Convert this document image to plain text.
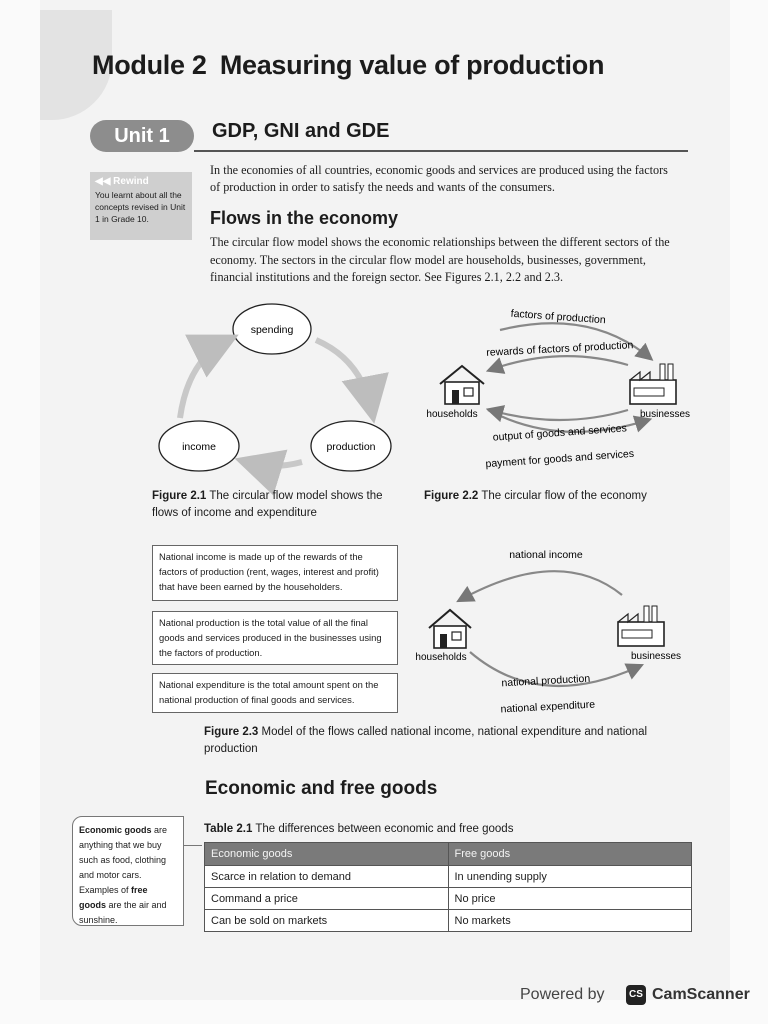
Module 2 Measuring value of production
Unit 1	GDP, GNI and GDE
◀◀ Rewind
You learnt about all the concepts revised in Unit 1 in Grade 10.
In the economies of all countries, economic goods and services are produced using the factors of production in order to satisfy the needs and wants of the consumers.
Flows in the economy
The circular flow model shows the economic relationships between the different sectors of the economy. The sectors in the circular flow model are households, businesses, government, financial institutions and the foreign sector. See Figures 2.1, 2.2 and 2.3.
spending
income	production
factors of production
rewards of factors of production
output of goods and services
payment for goods and services
households	businesses
national income
national production
national expenditure
households	businesses
Figure 2.1 The circular flow model shows the flows of income and expenditure
Figure 2.2 The circular flow of the economy
National income is made up of the rewards of the factors of production (rent, wages, interest and profit) that have been earned by the householders.
National production is the total value of all the final goods and services produced in the businesses using the factors of production.
National expenditure is the total amount spent on the national production of final goods and services.
Figure 2.3 Model of the flows called national income, national expenditure and national production
Economic and free goods
Economic goods are anything that we buy such as food, clothing and motor cars. Examples of free goods are the air and sunshine.
Table 2.1 The differences between economic and free goods
Economic goods	Free goods
Scarce in relation to demand	In unending supply
Command a price	No price
Can be sold on markets	No markets
Powered by	CS CamScanner
